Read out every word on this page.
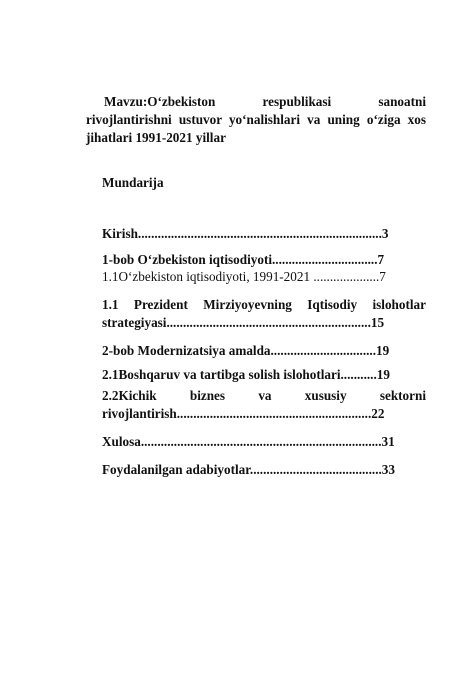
Mavzu:O‘zbekiston respublikasi sanoatni rivojlantirishni ustuvor yo‘nalishlari va uning o‘ziga xos jihatlari 1991-2021 yillar
Mundarija
Kirish..........................................................................3
1-bob O‘zbekiston iqtisodiyoti................................7
1.1O‘zbekiston iqtisodiyoti, 1991-2021 ....................7
1.1 Prezident Mirziyoyevning Iqtisodiy islohotlar strategiyasi..............................................................15
2-bob Modernizatsiya amalda................................19
2.1Boshqaruv va tartibga solish islohotlari...........19
2.2Kichik biznes va xususiy sektorni rivojlantirish...........................................................22
Xulosa.........................................................................31
Foydalanilgan adabiyotlar........................................33
